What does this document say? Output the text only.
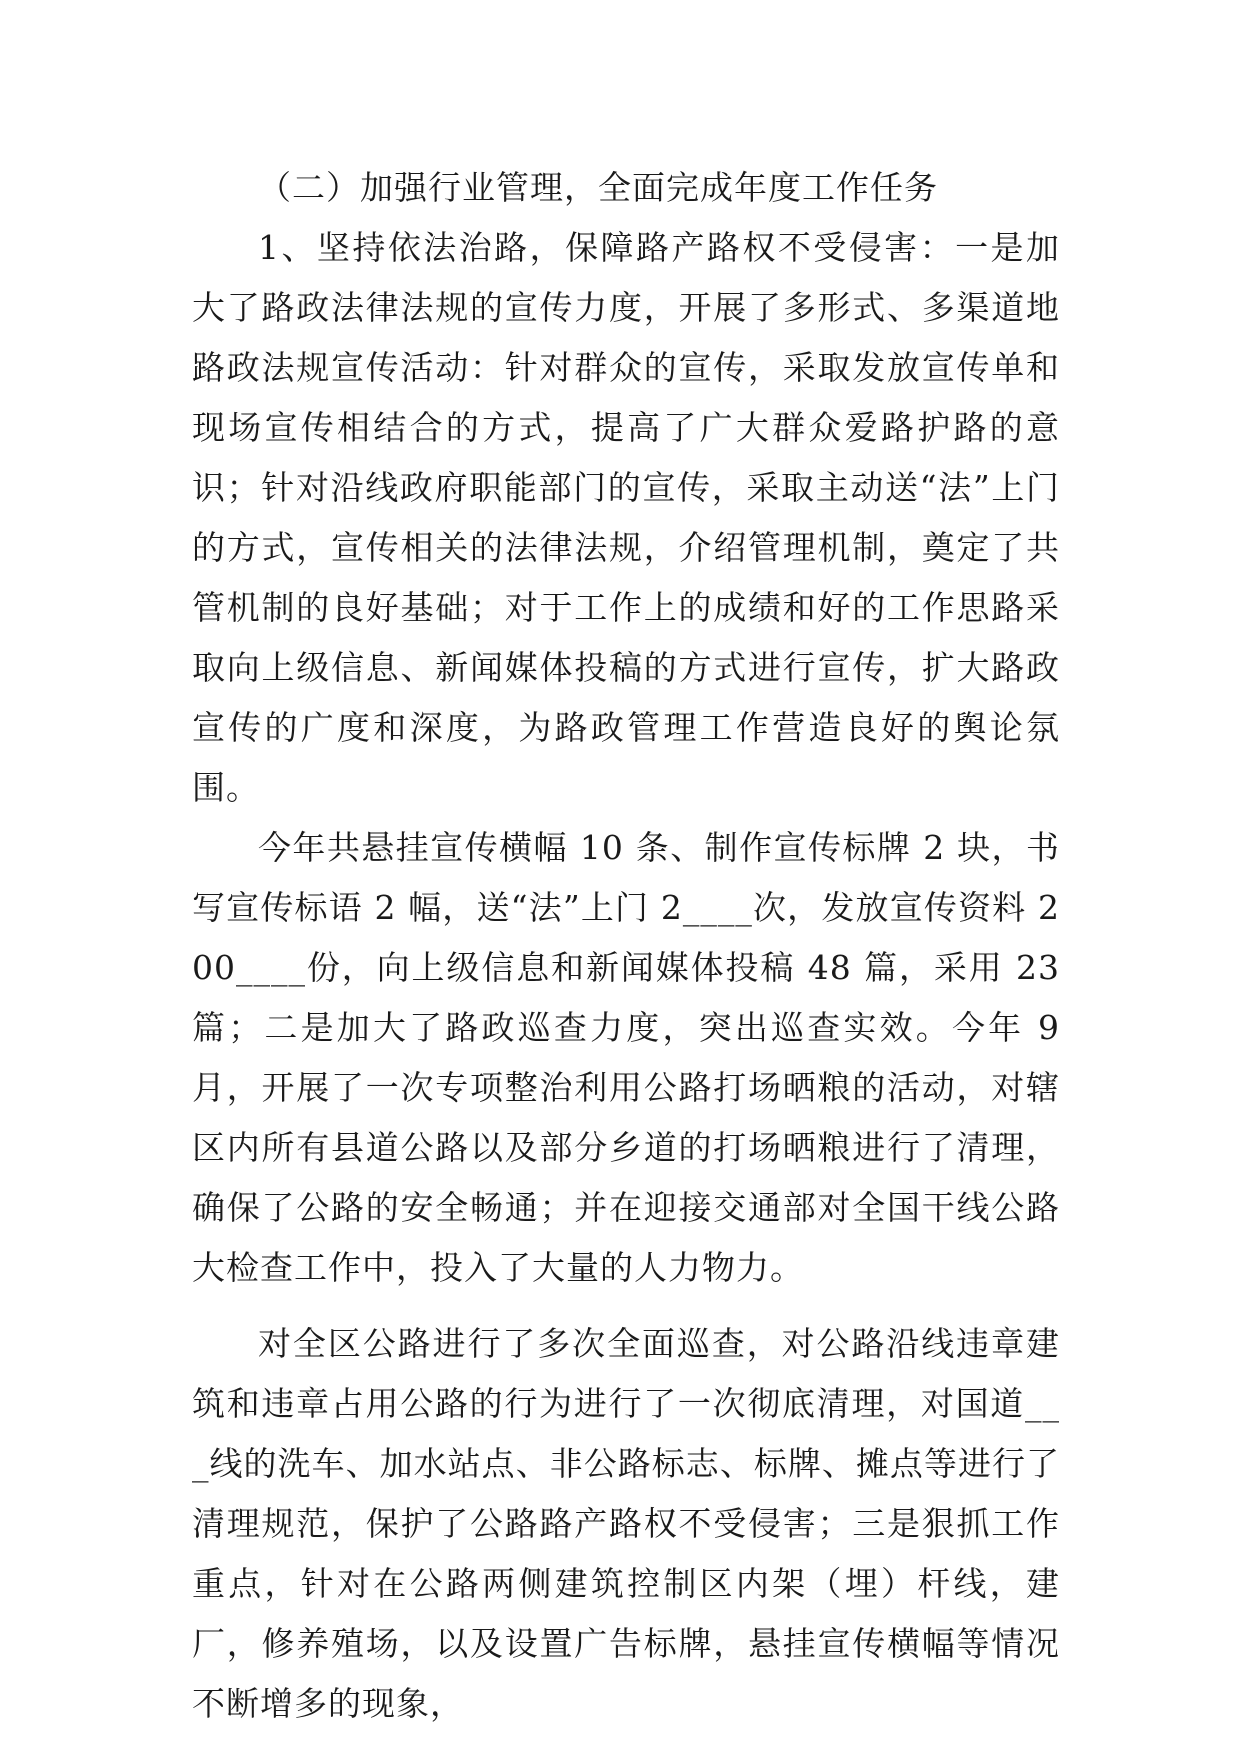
（二）加强行业管理，全面完成年度工作任务

1、坚持依法治路，保障路产路权不受侵害：一是加大了路政法律法规的宣传力度，开展了多形式、多渠道地路政法规宣传活动：针对群众的宣传，采取发放宣传单和现场宣传相结合的方式，提高了广大群众爱路护路的意识；针对沿线政府职能部门的宣传，采取主动送“法”上门的方式，宣传相关的法律法规，介绍管理机制，奠定了共管机制的良好基础；对于工作上的成绩和好的工作思路采取向上级信息、新闻媒体投稿的方式进行宣传，扩大路政宣传的广度和深度，为路政管理工作营造良好的舆论氛围。

今年共悬挂宣传横幅 10 条、制作宣传标牌 2 块，书写宣传标语 2 幅，送“法”上门 2____次，发放宣传资料 200____份，向上级信息和新闻媒体投稿 48 篇，采用 23 篇；二是加大了路政巡查力度，突出巡查实效。今年 9 月，开展了一次专项整治利用公路打场晒粮的活动，对辖区内所有县道公路以及部分乡道的打场晒粮进行了清理，确保了公路的安全畅通；并在迎接交通部对全国干线公路大检查工作中，投入了大量的人力物力。

对全区公路进行了多次全面巡查，对公路沿线违章建筑和违章占用公路的行为进行了一次彻底清理，对国道___线的洗车、加水站点、非公路标志、标牌、摊点等进行了清理规范，保护了公路路产路权不受侵害；三是狠抓工作重点，针对在公路两侧建筑控制区内架（埋）杆线，建厂，修养殖场，以及设置广告标牌，悬挂宣传横幅等情况不断增多的现象，
